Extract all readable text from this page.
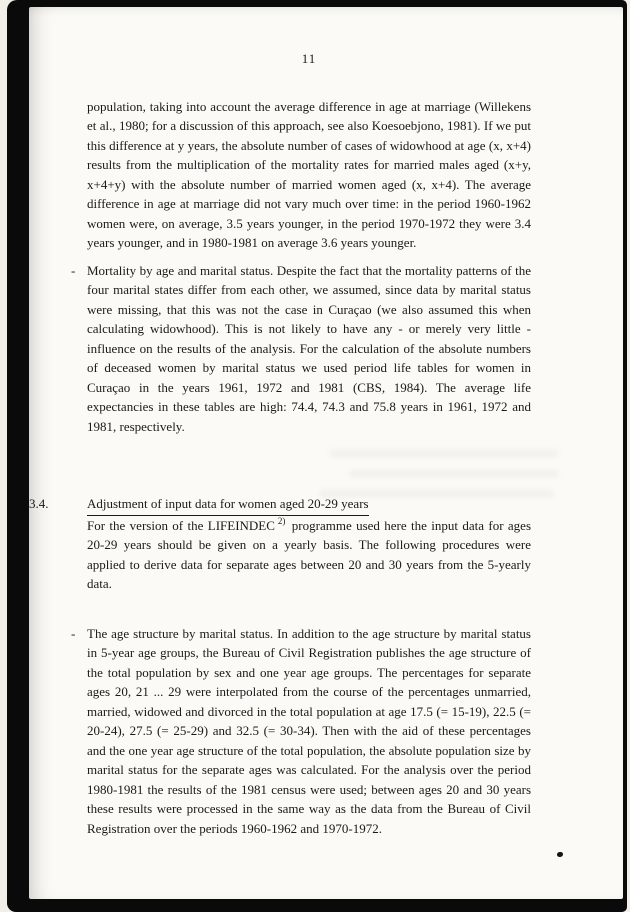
11

population, taking into account the average difference in age at marriage (Willekens et al., 1980; for a discussion of this approach, see also Koesoebjono, 1981). If we put this difference at y years, the absolute number of cases of widowhood at age (x, x+4) results from the multiplication of the mortality rates for married males aged (x+y, x+4+y) with the absolute number of married women aged (x, x+4). The average difference in age at marriage did not vary much over time: in the period 1960-1962 women were, on average, 3.5 years younger, in the period 1970-1972 they were 3.4 years younger, and in 1980-1981 on average 3.6 years younger.

- Mortality by age and marital status. Despite the fact that the mortality patterns of the four marital states differ from each other, we assumed, since data by marital status were missing, that this was not the case in Curaçao (we also assumed this when calculating widowhood). This is not likely to have any - or merely very little - influence on the results of the analysis. For the calculation of the absolute numbers of deceased women by marital status we used period life tables for women in Curaçao in the years 1961, 1972 and 1981 (CBS, 1984). The average life expectancies in these tables are high: 74.4, 74.3 and 75.8 years in 1961, 1972 and 1981, respectively.

3.4.	Adjustment of input data for women aged 20-29 years

For the version of the LIFEINDEC $^{2)}$ programme used here the input data for ages 20-29 years should be given on a yearly basis. The following procedures were applied to derive data for separate ages between 20 and 30 years from the 5-yearly data.

- The age structure by marital status. In addition to the age structure by marital status in 5-year age groups, the Bureau of Civil Registration publishes the age structure of the total population by sex and one year age groups. The percentages for separate ages 20, 21 ... 29 were interpolated from the course of the percentages unmarried, married, widowed and divorced in the total population at age 17.5 (= 15-19), 22.5 (= 20-24), 27.5 (= 25-29) and 32.5 (= 30-34). Then with the aid of these percentages and the one year age structure of the total population, the absolute population size by marital status for the separate ages was calculated. For the analysis over the period 1980-1981 the results of the 1981 census were used; between ages 20 and 30 years these results were processed in the same way as the data from the Bureau of Civil Registration over the periods 1960-1962 and 1970-1972.
